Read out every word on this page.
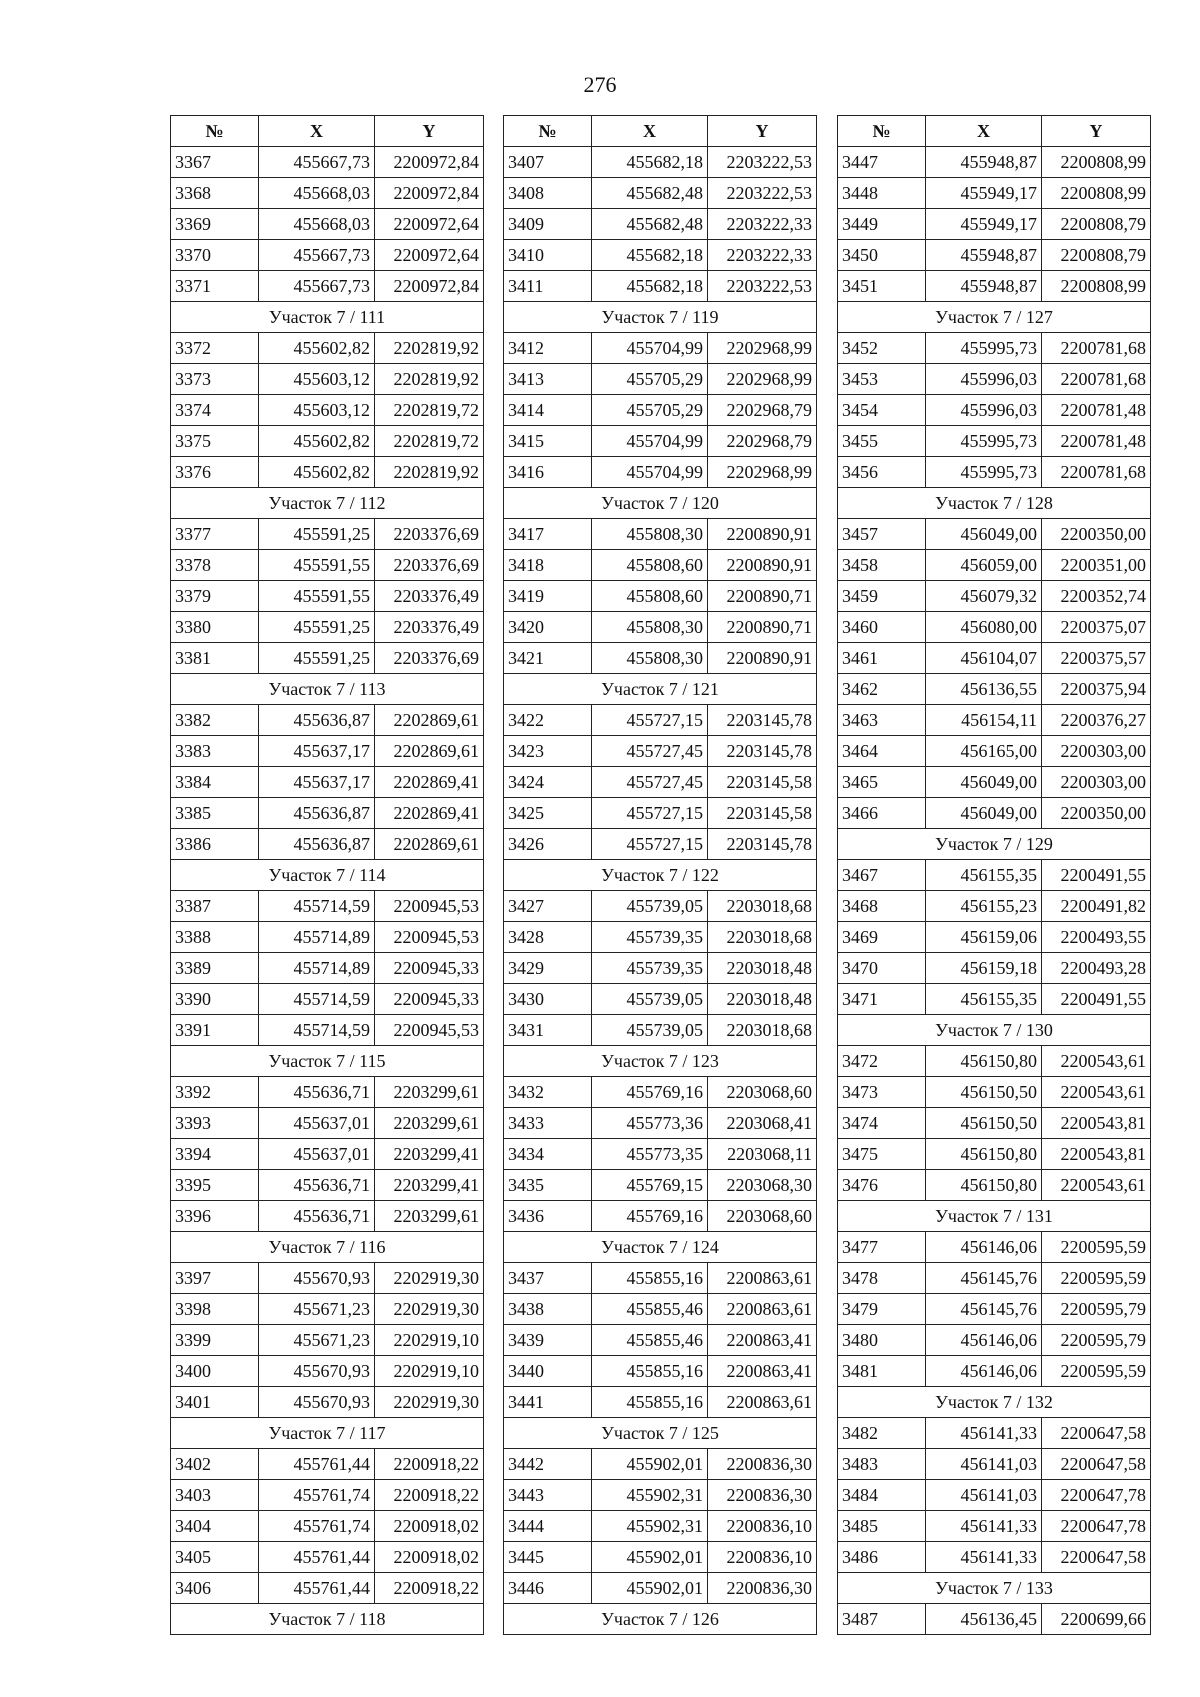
276
№	X	Y
3367	455667,73	2200972,84
3368	455668,03	2200972,84
3369	455668,03	2200972,64
3370	455667,73	2200972,64
3371	455667,73	2200972,84
Участок 7 / 111		
3372	455602,82	2202819,92
3373	455603,12	2202819,92
3374	455603,12	2202819,72
3375	455602,82	2202819,72
3376	455602,82	2202819,92
Участок 7 / 112		
3377	455591,25	2203376,69
3378	455591,55	2203376,69
3379	455591,55	2203376,49
3380	455591,25	2203376,49
3381	455591,25	2203376,69
Участок 7 / 113		
3382	455636,87	2202869,61
3383	455637,17	2202869,61
3384	455637,17	2202869,41
3385	455636,87	2202869,41
3386	455636,87	2202869,61
Участок 7 / 114		
3387	455714,59	2200945,53
3388	455714,89	2200945,53
3389	455714,89	2200945,33
3390	455714,59	2200945,33
3391	455714,59	2200945,53
Участок 7 / 115		
3392	455636,71	2203299,61
3393	455637,01	2203299,61
3394	455637,01	2203299,41
3395	455636,71	2203299,41
3396	455636,71	2203299,61
Участок 7 / 116		
3397	455670,93	2202919,30
3398	455671,23	2202919,30
3399	455671,23	2202919,10
3400	455670,93	2202919,10
3401	455670,93	2202919,30
Участок 7 / 117		
3402	455761,44	2200918,22
3403	455761,74	2200918,22
3404	455761,74	2200918,02
3405	455761,44	2200918,02
3406	455761,44	2200918,22
Участок 7 / 118		
№	X	Y
3407	455682,18	2203222,53
3408	455682,48	2203222,53
3409	455682,48	2203222,33
3410	455682,18	2203222,33
3411	455682,18	2203222,53
Участок 7 / 119		
3412	455704,99	2202968,99
3413	455705,29	2202968,99
3414	455705,29	2202968,79
3415	455704,99	2202968,79
3416	455704,99	2202968,99
Участок 7 / 120		
3417	455808,30	2200890,91
3418	455808,60	2200890,91
3419	455808,60	2200890,71
3420	455808,30	2200890,71
3421	455808,30	2200890,91
Участок 7 / 121		
3422	455727,15	2203145,78
3423	455727,45	2203145,78
3424	455727,45	2203145,58
3425	455727,15	2203145,58
3426	455727,15	2203145,78
Участок 7 / 122		
3427	455739,05	2203018,68
3428	455739,35	2203018,68
3429	455739,35	2203018,48
3430	455739,05	2203018,48
3431	455739,05	2203018,68
Участок 7 / 123		
3432	455769,16	2203068,60
3433	455773,36	2203068,41
3434	455773,35	2203068,11
3435	455769,15	2203068,30
3436	455769,16	2203068,60
Участок 7 / 124		
3437	455855,16	2200863,61
3438	455855,46	2200863,61
3439	455855,46	2200863,41
3440	455855,16	2200863,41
3441	455855,16	2200863,61
Участок 7 / 125		
3442	455902,01	2200836,30
3443	455902,31	2200836,30
3444	455902,31	2200836,10
3445	455902,01	2200836,10
3446	455902,01	2200836,30
Участок 7 / 126		
№	X	Y
3447	455948,87	2200808,99
3448	455949,17	2200808,99
3449	455949,17	2200808,79
3450	455948,87	2200808,79
3451	455948,87	2200808,99
Участок 7 / 127		
3452	455995,73	2200781,68
3453	455996,03	2200781,68
3454	455996,03	2200781,48
3455	455995,73	2200781,48
3456	455995,73	2200781,68
Участок 7 / 128		
3457	456049,00	2200350,00
3458	456059,00	2200351,00
3459	456079,32	2200352,74
3460	456080,00	2200375,07
3461	456104,07	2200375,57
3462	456136,55	2200375,94
3463	456154,11	2200376,27
3464	456165,00	2200303,00
3465	456049,00	2200303,00
3466	456049,00	2200350,00
Участок 7 / 129		
3467	456155,35	2200491,55
3468	456155,23	2200491,82
3469	456159,06	2200493,55
3470	456159,18	2200493,28
3471	456155,35	2200491,55
Участок 7 / 130		
3472	456150,80	2200543,61
3473	456150,50	2200543,61
3474	456150,50	2200543,81
3475	456150,80	2200543,81
3476	456150,80	2200543,61
Участок 7 / 131		
3477	456146,06	2200595,59
3478	456145,76	2200595,59
3479	456145,76	2200595,79
3480	456146,06	2200595,79
3481	456146,06	2200595,59
Участок 7 / 132		
3482	456141,33	2200647,58
3483	456141,03	2200647,58
3484	456141,03	2200647,78
3485	456141,33	2200647,78
3486	456141,33	2200647,58
Участок 7 / 133		
3487	456136,45	2200699,66
